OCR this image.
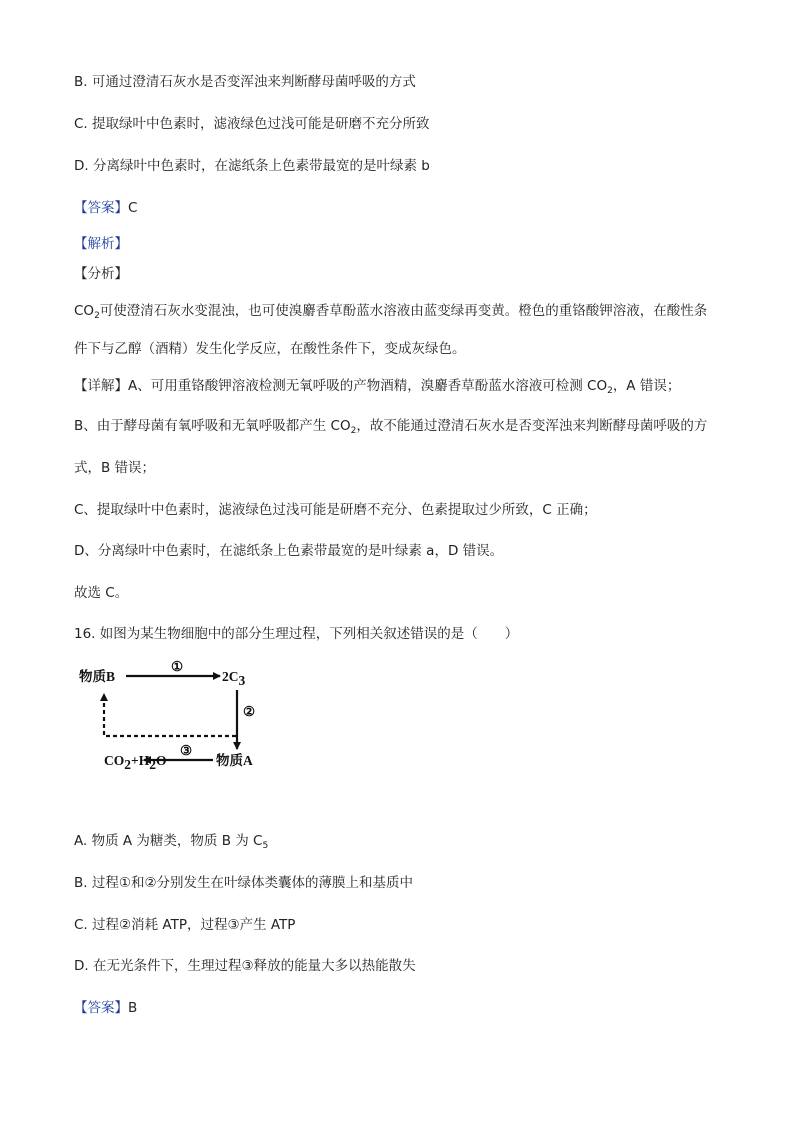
B. 可通过澄清石灰水是否变浑浊来判断酵母菌呼吸的方式
C. 提取绿叶中色素时，滤液绿色过浅可能是研磨不充分所致
D. 分离绿叶中色素时，在滤纸条上色素带最宽的是叶绿素 b
【答案】C
【解析】
【分析】
$CO_2$可使澄清石灰水变混浊，也可使溴麝香草酚蓝水溶液由蓝变绿再变黄。橙色的重铬酸钾溶液，在酸性条
件下与乙醇（酒精）发生化学反应，在酸性条件下，变成灰绿色。
【详解】A、可用重铬酸钾溶液检测无氧呼吸的产物酒精，溴麝香草酚蓝水溶液可检测 $CO_2$，A 错误；
B、由于酵母菌有氧呼吸和无氧呼吸都产生 $CO_2$，故不能通过澄清石灰水是否变浑浊来判断酵母菌呼吸的方
式，B 错误；
C、提取绿叶中色素时，滤液绿色过浅可能是研磨不充分、色素提取过少所致，C 正确；
D、分离绿叶中色素时，在滤纸条上色素带最宽的是叶绿素 a，D 错误。
故选 C。
16. 如图为某生物细胞中的部分生理过程，下列相关叙述错误的是（　　）
物质B
①
2C3
②
物质A
③
CO2+H2O
A. 物质 A 为糖类，物质 B 为 $C_5$
B. 过程①和②分别发生在叶绿体类囊体的薄膜上和基质中
C. 过程②消耗 ATP，过程③产生 ATP
D. 在无光条件下，生理过程③释放的能量大多以热能散失
【答案】B
